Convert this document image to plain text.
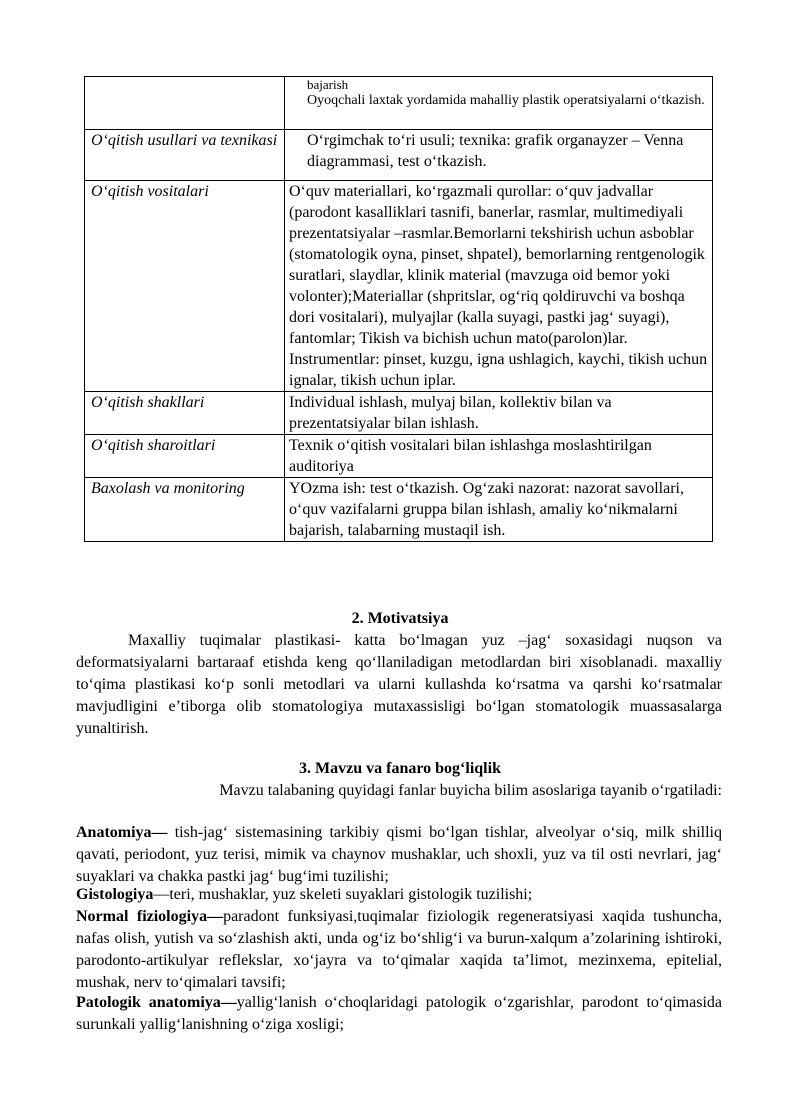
	bajarish
Oyoqchali laxtak yordamida mahalliy plastik operatsiyalarni o‘tkazish.

O‘qitish usullari va texnikasi	O‘rgimchak to‘ri usuli; texnika: grafik organayzer – Venna diagrammasi, test o‘tkazish.
O‘qitish vositalari	O‘quv materiallari, ko‘rgazmali qurollar: o‘quv jadvallar (parodont kasalliklari tasnifi, banerlar, rasmlar, multimediyali prezentatsiyalar –rasmlar.Bemorlarni tekshirish uchun asboblar (stomatologik oyna, pinset, shpatel), bemorlarning rentgenologik suratlari, slaydlar, klinik material (mavzuga oid bemor yoki volonter);Materiallar (shpritslar, og‘riq qoldiruvchi va boshqa dori vositalari), mulyajlar (kalla suyagi, pastki jag‘ suyagi), fantomlar; Tikish va bichish uchun mato(parolon)lar. Instrumentlar: pinset, kuzgu, igna ushlagich, kaychi, tikish uchun ignalar, tikish uchun iplar.
O‘qitish shakllari	Individual ishlash, mulyaj bilan, kollektiv bilan va prezentatsiyalar bilan ishlash.
O‘qitish sharoitlari	Texnik o‘qitish vositalari bilan ishlashga moslashtirilgan auditoriya
Baxolash va monitoring	YOzma ish: test o‘tkazish. Og‘zaki nazorat: nazorat savollari, o‘quv vazifalarni gruppa bilan ishlash, amaliy ko‘nikmalarni bajarish, talabarning mustaqil ish.
2. Motivatsiya
Maxalliy tuqimalar plastikasi- katta bo‘lmagan yuz –jag‘ soxasidagi nuqson va deformatsiyalarni bartaraaf etishda keng qo‘llaniladigan metodlardan biri xisoblanadi. maxalliy to‘qima plastikasi ko‘p sonli metodlari va ularni kullashda ko‘rsatma va qarshi ko‘rsatmalar mavjudligini e’tiborga olib stomatologiya mutaxassisligi bo‘lgan stomatologik muassasalarga yunaltirish.
3. Mavzu va fanaro bog‘liqlik
Mavzu talabaning quyidagi fanlar buyicha bilim asoslariga tayanib o‘rgatiladi:
Anatomiya— tish-jag‘ sistemasining tarkibiy qismi bo‘lgan tishlar, alveolyar o‘siq, milk shilliq qavati, periodont, yuz terisi, mimik va chaynov mushaklar, uch shoxli, yuz va til osti nevrlari, jag‘ suyaklari va chakka pastki jag‘ bug‘imi tuzilishi;
Gistologiya—teri, mushaklar, yuz skeleti suyaklari gistologik tuzilishi;
Normal fiziologiya—paradont funksiyasi,tuqimalar fiziologik regeneratsiyasi xaqida tushuncha, nafas olish, yutish va so‘zlashish akti, unda og‘iz bo‘shlig‘i va burun-xalqum a’zolarining ishtiroki, parodonto-artikulyar reflekslar, xo‘jayra va to‘qimalar xaqida ta’limot, mezinxema, epitelial, mushak, nerv to‘qimalari tavsifi;
Patologik anatomiya—yallig‘lanish o‘choqlaridagi patologik o‘zgarishlar, parodont to‘qimasida surunkali yallig‘lanishning o‘ziga xosligi;
